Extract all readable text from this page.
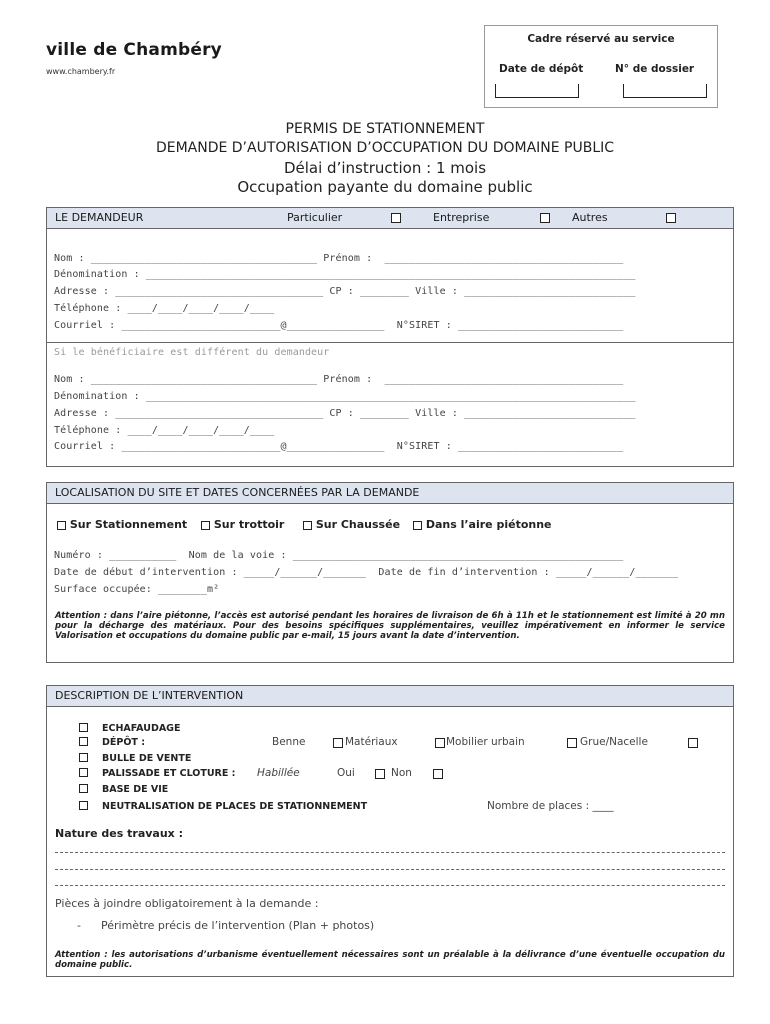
ville de Chambéry
www.chambery.fr
Cadre réservé au service
Date de dépôt	N° de dossier
PERMIS DE STATIONNEMENT
DEMANDE D’AUTORISATION D’OCCUPATION DU DOMAINE PUBLIC
Délai d’instruction : 1 mois
Occupation payante du domaine public
LE DEMANDEUR	Particulier	Entreprise	Autres
Nom : _____________________________________ Prénom :  _______________________________________
Dénomination : ________________________________________________________________________________
Adresse : __________________________________ CP : ________ Ville : ____________________________
Téléphone : ____/____/____/____/____
Courriel : __________________________@________________  N°SIRET : ___________________________
Si le bénéficiaire est différent du demandeur
Nom : _____________________________________ Prénom :  _______________________________________
Dénomination : ________________________________________________________________________________
Adresse : __________________________________ CP : ________ Ville : ____________________________
Téléphone : ____/____/____/____/____
Courriel : __________________________@________________  N°SIRET : ___________________________
LOCALISATION DU SITE ET DATES CONCERNÉES PAR LA DEMANDE
Sur Stationnement	Sur trottoir	Sur Chaussée	Dans l’aire piétonne
Numéro : ___________  Nom de la voie : ______________________________________________________
Date de début d’intervention : _____/______/_______  Date de fin d’intervention : _____/______/_______
Surface occupée: ________m²
Attention : dans l’aire piétonne, l’accès est autorisé pendant les horaires de livraison de 6h à 11h et le stationnement est limité à 20 mn pour la décharge des matériaux. Pour des besoins spécifiques supplémentaires, veuillez impérativement en informer le service Valorisation et occupations du domaine public par e-mail, 15 jours avant la date d’intervention.
DESCRIPTION DE L’INTERVENTION
ECHAFAUDAGE
DÉPÔT :	Benne	Matériaux	Mobilier urbain	Grue/Nacelle
BULLE DE VENTE
PALISSADE ET CLOTURE : Habillée	Oui	Non
BASE DE VIE
NEUTRALISATION DE PLACES DE STATIONNEMENT	Nombre de places : ____
Nature des travaux :
Pièces à joindre obligatoirement à la demande :
- Périmètre précis de l’intervention (Plan + photos)
Attention : les autorisations d’urbanisme éventuellement nécessaires sont un préalable à la délivrance d’une éventuelle occupation du domaine public.
